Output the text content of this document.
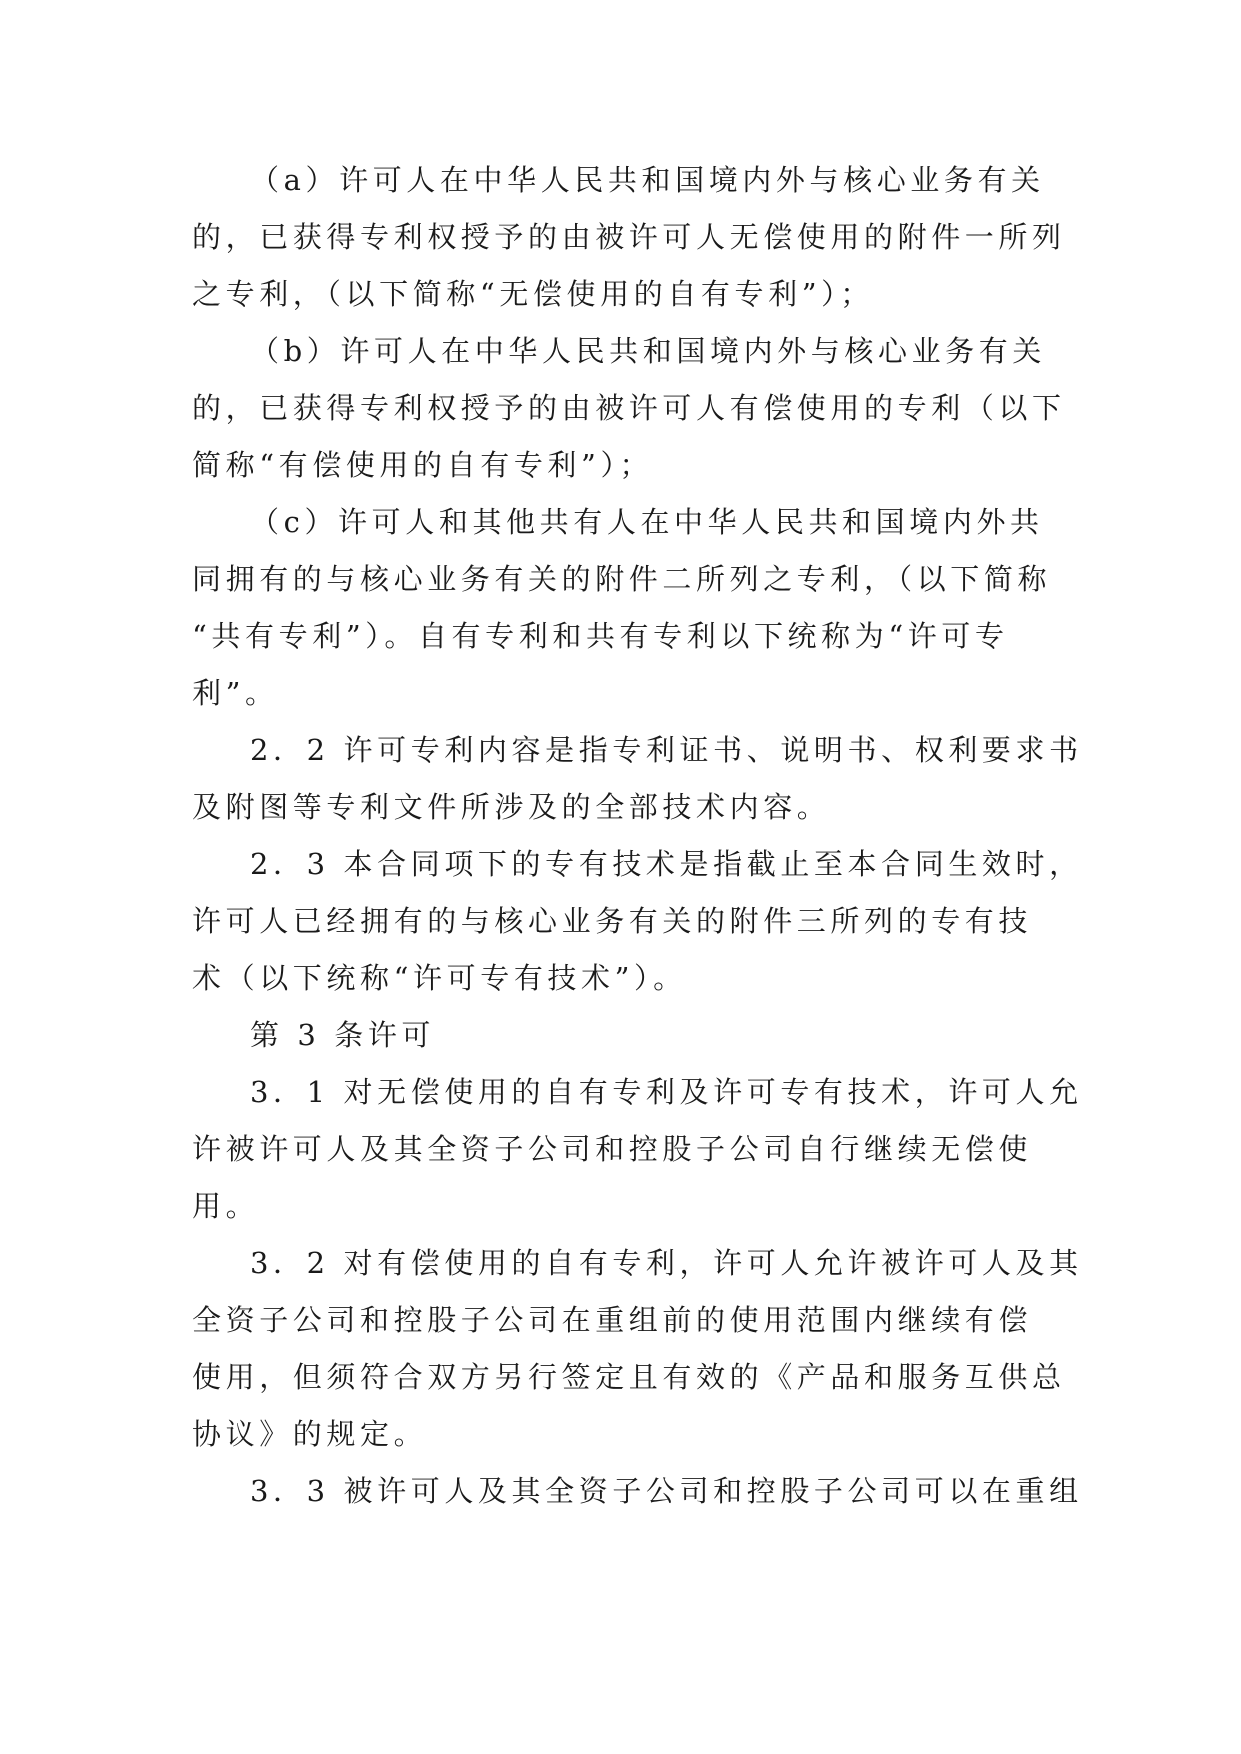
（a）许可人在中华人民共和国境内外与核心业务有关
的，已获得专利权授予的由被许可人无偿使用的附件一所列
之专利，（以下简称“无偿使用的自有专利”）；
（b）许可人在中华人民共和国境内外与核心业务有关
的，已获得专利权授予的由被许可人有偿使用的专利（以下
简称“有偿使用的自有专利”）；
（c）许可人和其他共有人在中华人民共和国境内外共
同拥有的与核心业务有关的附件二所列之专利，（以下简称
“共有专利”）。自有专利和共有专利以下统称为“许可专
利”。
2．2 许可专利内容是指专利证书、说明书、权利要求书
及附图等专利文件所涉及的全部技术内容。
2．3 本合同项下的专有技术是指截止至本合同生效时，
许可人已经拥有的与核心业务有关的附件三所列的专有技
术（以下统称“许可专有技术”）。
第 3 条许可
3．1 对无偿使用的自有专利及许可专有技术，许可人允
许被许可人及其全资子公司和控股子公司自行继续无偿使
用。
3．2 对有偿使用的自有专利，许可人允许被许可人及其
全资子公司和控股子公司在重组前的使用范围内继续有偿
使用，但须符合双方另行签定且有效的《产品和服务互供总
协议》的规定。
3．3 被许可人及其全资子公司和控股子公司可以在重组
